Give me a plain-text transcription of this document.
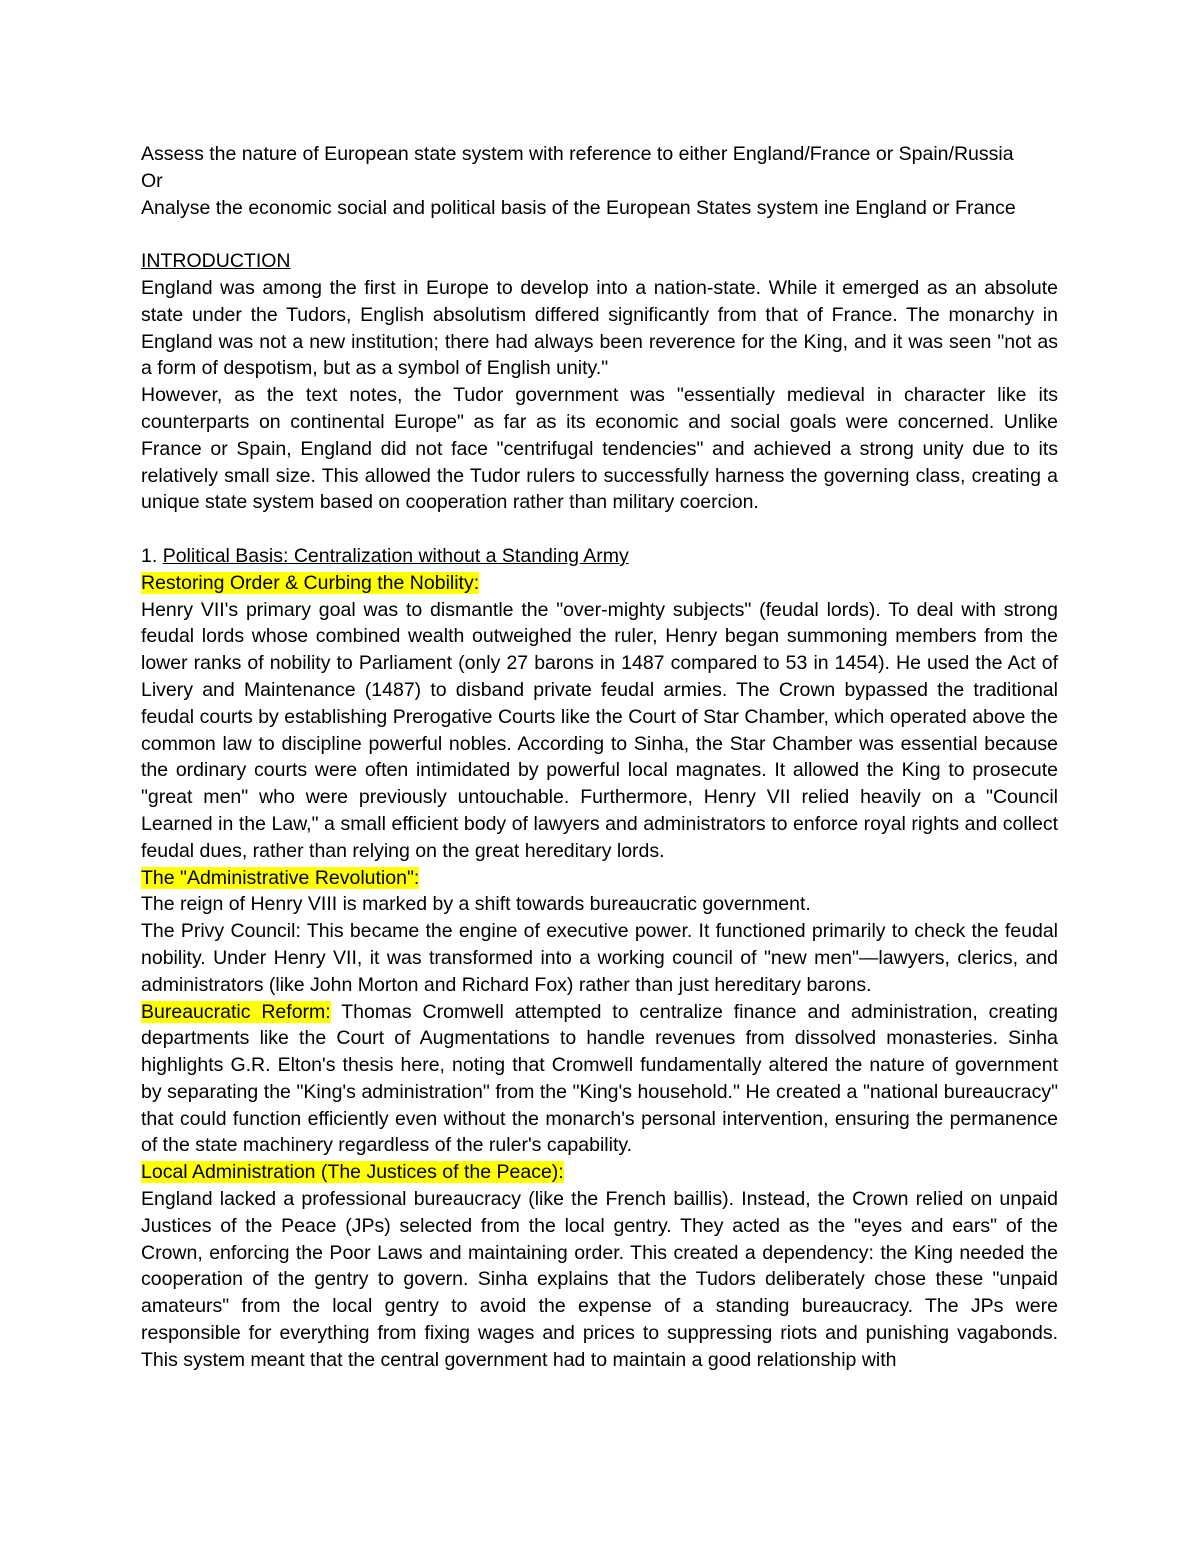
Assess the nature of European state system with reference to either England/France or Spain/Russia

Or

Analyse the economic social and political basis of the European States system ine England or France

INTRODUCTION

England was among the first in Europe to develop into a nation-state. While it emerged as an absolute state under the Tudors, English absolutism differed significantly from that of France. The monarchy in England was not a new institution; there had always been reverence for the King, and it was seen "not as a form of despotism, but as a symbol of English unity."

However, as the text notes, the Tudor government was "essentially medieval in character like its counterparts on continental Europe" as far as its economic and social goals were concerned. Unlike France or Spain, England did not face "centrifugal tendencies" and achieved a strong unity due to its relatively small size. This allowed the Tudor rulers to successfully harness the governing class, creating a unique state system based on cooperation rather than military coercion.

1. Political Basis: Centralization without a Standing Army

Restoring Order & Curbing the Nobility:

Henry VII's primary goal was to dismantle the "over-mighty subjects" (feudal lords). To deal with strong feudal lords whose combined wealth outweighed the ruler, Henry began summoning members from the lower ranks of nobility to Parliament (only 27 barons in 1487 compared to 53 in 1454). He used the Act of Livery and Maintenance (1487) to disband private feudal armies. The Crown bypassed the traditional feudal courts by establishing Prerogative Courts like the Court of Star Chamber, which operated above the common law to discipline powerful nobles. According to Sinha, the Star Chamber was essential because the ordinary courts were often intimidated by powerful local magnates. It allowed the King to prosecute "great men" who were previously untouchable. Furthermore, Henry VII relied heavily on a "Council Learned in the Law," a small efficient body of lawyers and administrators to enforce royal rights and collect feudal dues, rather than relying on the great hereditary lords.

The "Administrative Revolution":

The reign of Henry VIII is marked by a shift towards bureaucratic government.

The Privy Council: This became the engine of executive power. It functioned primarily to check the feudal nobility. Under Henry VII, it was transformed into a working council of "new men"—lawyers, clerics, and administrators (like John Morton and Richard Fox) rather than just hereditary barons.

Bureaucratic Reform: Thomas Cromwell attempted to centralize finance and administration, creating departments like the Court of Augmentations to handle revenues from dissolved monasteries. Sinha highlights G.R. Elton's thesis here, noting that Cromwell fundamentally altered the nature of government by separating the "King's administration" from the "King's household." He created a "national bureaucracy" that could function efficiently even without the monarch's personal intervention, ensuring the permanence of the state machinery regardless of the ruler's capability.

Local Administration (The Justices of the Peace):

England lacked a professional bureaucracy (like the French baillis). Instead, the Crown relied on unpaid Justices of the Peace (JPs) selected from the local gentry. They acted as the "eyes and ears" of the Crown, enforcing the Poor Laws and maintaining order. This created a dependency: the King needed the cooperation of the gentry to govern. Sinha explains that the Tudors deliberately chose these "unpaid amateurs" from the local gentry to avoid the expense of a standing bureaucracy. The JPs were responsible for everything from fixing wages and prices to suppressing riots and punishing vagabonds. This system meant that the central government had to maintain a good relationship with
